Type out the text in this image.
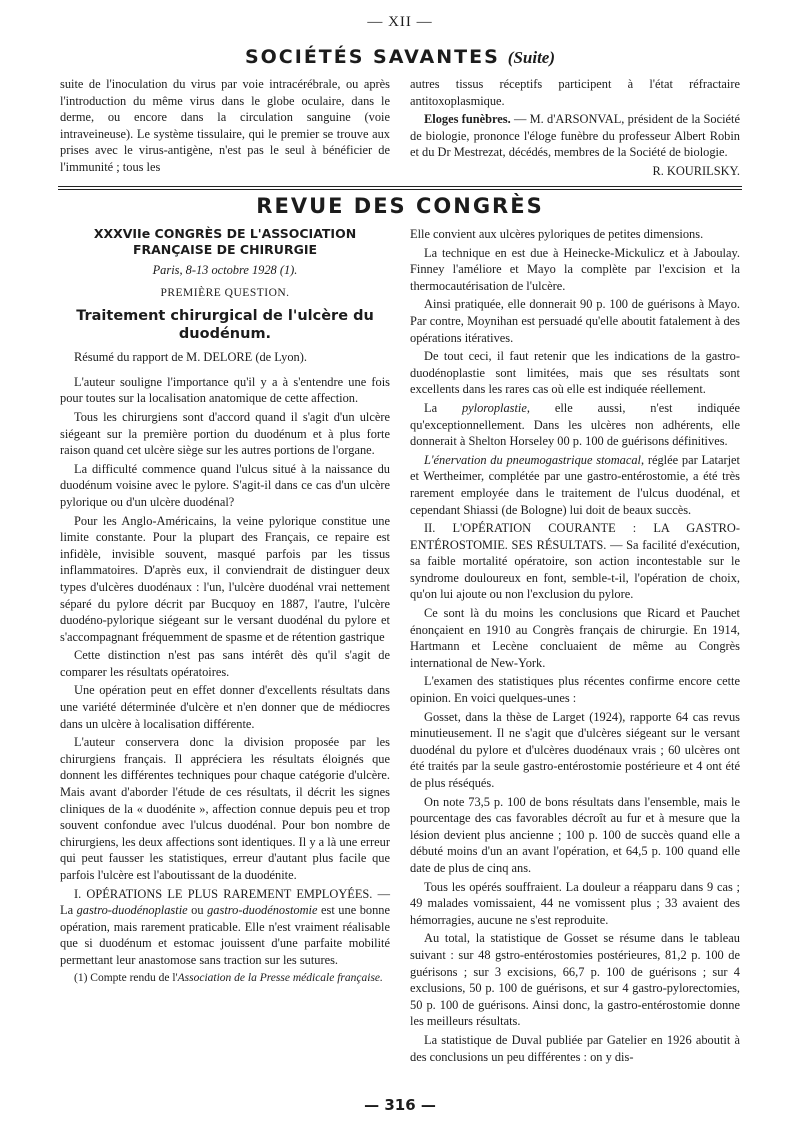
— XII —
SOCIÉTÉS SAVANTES (Suite)

suite de l'inoculation du virus par voie intracérébrale, ou après l'introduction du même virus dans le globe oculaire, dans le derme, ou encore dans la circulation sanguine (voie intraveineuse). Le système tissulaire, qui le premier se trouve aux prises avec le virus-antigène, n'est pas le seul à bénéficier de l'immunité ; tous les

autres tissus réceptifs participent à l'état réfractaire antitoxoplasmique.

Eloges funèbres. — M. d'ARSONVAL, président de la Société de biologie, prononce l'éloge funèbre du professeur Albert Robin et du Dr Mestrezat, décédés, membres de la Société de biologie.

R. KOURILSKY.

REVUE DES CONGRÈS
XXXVIIe CONGRÈS DE L'ASSOCIATION FRANÇAISE DE CHIRURGIE
Paris, 8-13 octobre 1928 (1).
PREMIÈRE QUESTION.
Traitement chirurgical de l'ulcère du duodénum.

Résumé du rapport de M. DELORE (de Lyon).

L'auteur souligne l'importance qu'il y a à s'entendre une fois pour toutes sur la localisation anatomique de cette affection.

Tous les chirurgiens sont d'accord quand il s'agit d'un ulcère siégeant sur la première portion du duodénum et à plus forte raison quand cet ulcère siège sur les autres portions de l'organe.

La difficulté commence quand l'ulcus situé à la naissance du duodénum voisine avec le pylore. S'agit-il dans ce cas d'un ulcère pylorique ou d'un ulcère duodénal?

Pour les Anglo-Américains, la veine pylorique constitue une limite constante. Pour la plupart des Français, ce repaire est infidèle, invisible souvent, masqué parfois par les tissus inflammatoires. D'après eux, il conviendrait de distinguer deux types d'ulcères duodénaux : l'un, l'ulcère duodénal vrai nettement séparé du pylore décrit par Bucquoy en 1887, l'autre, l'ulcère duodéno-pylorique siégeant sur le versant duodénal du pylore et s'accompagnant fréquemment de spasme et de rétention gastrique

Cette distinction n'est pas sans intérêt dès qu'il s'agit de comparer les résultats opératoires.

Une opération peut en effet donner d'excellents résultats dans une variété déterminée d'ulcère et n'en donner que de médiocres dans un ulcère à localisation différente.

L'auteur conservera donc la division proposée par les chirurgiens français. Il appréciera les résultats éloignés que donnent les différentes techniques pour chaque catégorie d'ulcère. Mais avant d'aborder l'étude de ces résultats, il décrit les signes cliniques de la « duodénite », affection connue depuis peu et trop souvent confondue avec l'ulcus duodénal. Pour bon nombre de chirurgiens, les deux affections sont identiques. Il y a là une erreur qui peut fausser les statistiques, erreur d'autant plus facile que parfois l'ulcère est l'aboutissant de la duodénite.

I. OPÉRATIONS LE PLUS RAREMENT EMPLOYÉES. — La gastro-duodénoplastie ou gastro-duodénostomie est une bonne opération, mais rarement praticable. Elle n'est vraiment réalisable que si duodénum et estomac jouissent d'une parfaite mobilité permettant leur anastomose sans traction sur les sutures.

(1) Compte rendu de l'Association de la Presse médicale française.

Elle convient aux ulcères pyloriques de petites dimensions.

La technique en est due à Heinecke-Mickulicz et à Jaboulay. Finney l'améliore et Mayo la complète par l'excision et la thermocautérisation de l'ulcère.

Ainsi pratiquée, elle donnerait 90 p. 100 de guérisons à Mayo. Par contre, Moynihan est persuadé qu'elle aboutit fatalement à des opérations itératives.

De tout ceci, il faut retenir que les indications de la gastro-duodénoplastie sont limitées, mais que ses résultats sont excellents dans les rares cas où elle est indiquée réellement.

La pyloroplastie, elle aussi, n'est indiquée qu'exceptionnellement. Dans les ulcères non adhérents, elle donnerait à Shelton Horseley 00 p. 100 de guérisons définitives.

L'énervation du pneumogastrique stomacal, réglée par Latarjet et Wertheimer, complétée par une gastro-entérostomie, a été très rarement employée dans le traitement de l'ulcus duodénal, et cependant Shiassi (de Bologne) lui doit de beaux succès.

II. L'OPÉRATION COURANTE : LA GASTRO-ENTÉROSTOMIE. SES RÉSULTATS. — Sa facilité d'exécution, sa faible mortalité opératoire, son action incontestable sur le syndrome douloureux en font, semble-t-il, l'opération de choix, qu'on lui ajoute ou non l'exclusion du pylore.

Ce sont là du moins les conclusions que Ricard et Pauchet énonçaient en 1910 au Congrès français de chirurgie. En 1914, Hartmann et Lecène concluaient de même au Congrès international de New-York.

L'examen des statistiques plus récentes confirme encore cette opinion. En voici quelques-unes :

Gosset, dans la thèse de Larget (1924), rapporte 64 cas revus minutieusement. Il ne s'agit que d'ulcères siégeant sur le versant duodénal du pylore et d'ulcères duodénaux vrais ; 60 ulcères ont été traités par la seule gastro-entérostomie postérieure et 4 ont été de plus réséqués.

On note 73,5 p. 100 de bons résultats dans l'ensemble, mais le pourcentage des cas favorables décroît au fur et à mesure que la lésion devient plus ancienne ; 100 p. 100 de succès quand elle a débuté moins d'un an avant l'opération, et 64,5 p. 100 quand elle date de plus de cinq ans.

Tous les opérés souffraient. La douleur a réapparu dans 9 cas ; 49 malades vomissaient, 44 ne vomissent plus ; 33 avaient des hémorragies, aucune ne s'est reproduite.

Au total, la statistique de Gosset se résume dans le tableau suivant : sur 48 gstro-entérostomies postérieures, 81,2 p. 100 de guérisons ; sur 3 excisions, 66,7 p. 100 de guérisons ; sur 4 exclusions, 50 p. 100 de guérisons, et sur 4 gastro-pylorectomies, 50 p. 100 de guérisons. Ainsi donc, la gastro-entérostomie donne les meilleurs résultats.

La statistique de Duval publiée par Gatelier en 1926 aboutit à des conclusions un peu différentes : on y dis-

— 316 —
